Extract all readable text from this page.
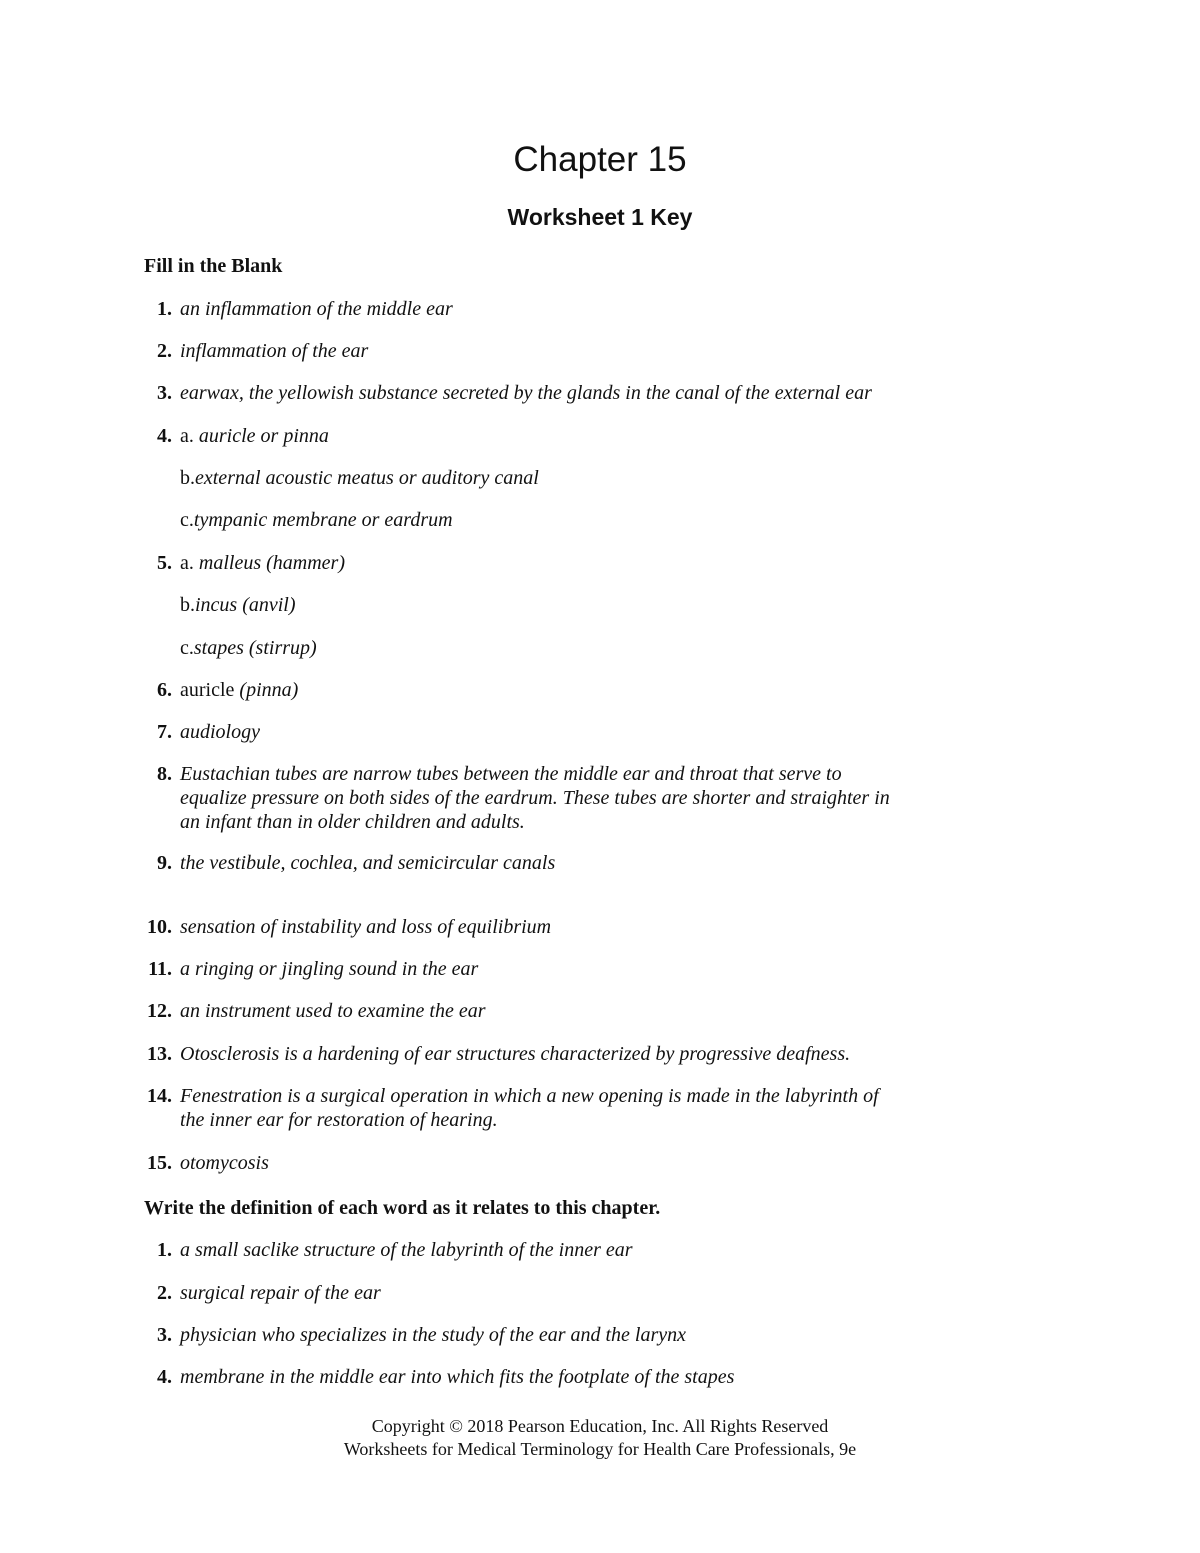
Chapter 15
Worksheet 1 Key
Fill in the Blank
1. an inflammation of the middle ear
2. inflammation of the ear
3. earwax, the yellowish substance secreted by the glands in the canal of the external ear
4. a. auricle or pinna
b.external acoustic meatus or auditory canal
c.tympanic membrane or eardrum
5. a. malleus (hammer)
b.incus (anvil)
c.stapes (stirrup)
6. auricle (pinna)
7. audiology
8. Eustachian tubes are narrow tubes between the middle ear and throat that serve to
equalize pressure on both sides of the eardrum. These tubes are shorter and straighter in
an infant than in older children and adults.
9. the vestibule, cochlea, and semicircular canals
10. sensation of instability and loss of equilibrium
11. a ringing or jingling sound in the ear
12. an instrument used to examine the ear
13. Otosclerosis is a hardening of ear structures characterized by progressive deafness.
14. Fenestration is a surgical operation in which a new opening is made in the labyrinth of
the inner ear for restoration of hearing.
15. otomycosis
Write the definition of each word as it relates to this chapter.
1. a small saclike structure of the labyrinth of the inner ear
2. surgical repair of the ear
3. physician who specializes in the study of the ear and the larynx
4. membrane in the middle ear into which fits the footplate of the stapes
Copyright © 2018 Pearson Education, Inc. All Rights Reserved
Worksheets for Medical Terminology for Health Care Professionals, 9e
